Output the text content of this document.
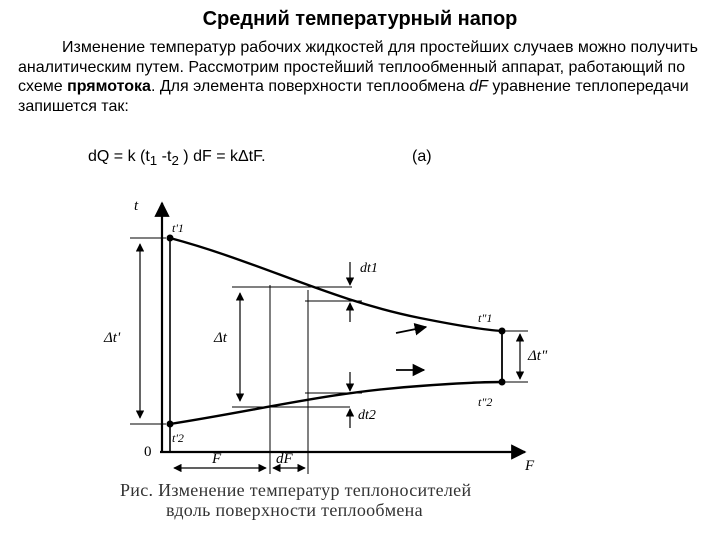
Средний температурный напор
Изменение температур рабочих жидкостей для простейших случаев можно получить аналитическим путем. Рассмотрим простейший теплообменный аппарат, работающий по схеме прямотока. Для элемента поверхности теплообмена dF уравнение теплопередачи запишется так:
dQ = k ($t_1$ $-t_2$ ) dF = kΔtF.	(а)
t
0
F
t'1
t'2
t"1
t"2
Δt'	Δt
Δt"
dt1
dt2
F	dF
Рис. Изменение температур теплоносителей
вдоль поверхности теплообмена
